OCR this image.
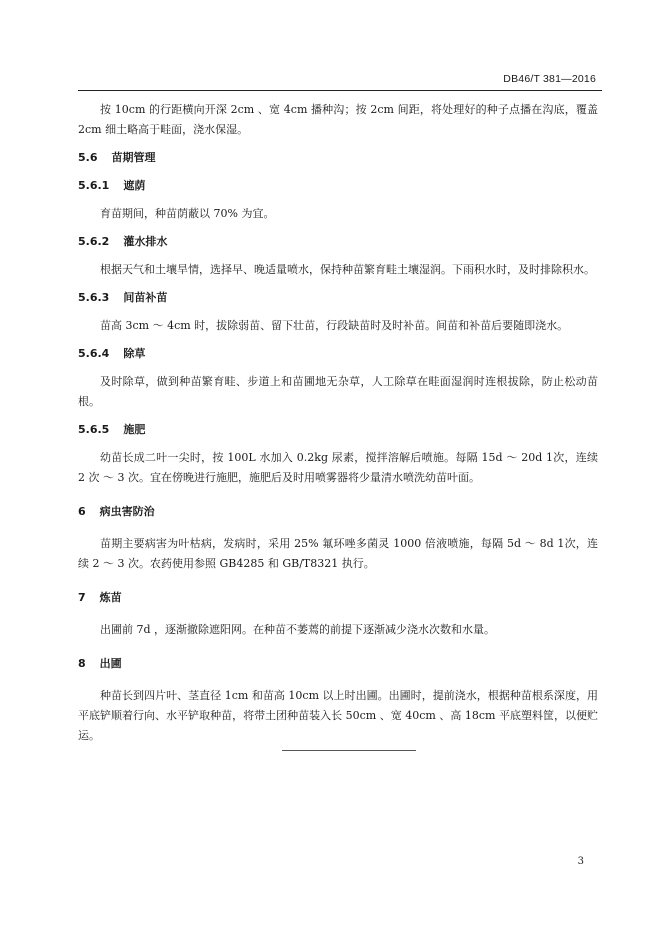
DB46/T 381—2016

按 10cm 的行距横向开深 2cm 、宽 4cm 播种沟；按 2cm 间距，将处理好的种子点播在沟底，覆盖 2cm 细土略高于畦面，浇水保湿。

5.6 苗期管理

5.6.1 遮荫

育苗期间，种苗荫蔽以 70% 为宜。

5.6.2 灌水排水

根据天气和土壤旱情，选择早、晚适量喷水，保持种苗繁育畦土壤湿润。下雨积水时，及时排除积水。

5.6.3 间苗补苗

苗高 3cm ～ 4cm 时，拔除弱苗、留下壮苗，行段缺苗时及时补苗。间苗和补苗后要随即浇水。

5.6.4 除草

及时除草，做到种苗繁育畦、步道上和苗圃地无杂草，人工除草在畦面湿润时连根拔除，防止松动苗根。

5.6.5 施肥

幼苗长成二叶一尖时，按 100L 水加入 0.2kg 尿素，搅拌溶解后喷施。每隔 15d ～ 20d 1次，连续 2 次 ～ 3 次。宜在傍晚进行施肥，施肥后及时用喷雾器将少量清水喷洗幼苗叶面。

6 病虫害防治

苗期主要病害为叶枯病，发病时，采用 25% 氟环唑多菌灵 1000 倍液喷施，每隔 5d ～ 8d 1次，连续 2 ～ 3 次。农药使用参照 GB4285 和 GB/T8321 执行。

7 炼苗

出圃前 7d ，逐渐撤除遮阳网。在种苗不萎蔫的前提下逐渐减少浇水次数和水量。

8 出圃

种苗长到四片叶、茎直径 1cm 和苗高 10cm 以上时出圃。出圃时，提前浇水，根据种苗根系深度，用平底铲顺着行向、水平铲取种苗，将带土团种苗装入长 50cm 、宽 40cm 、高 18cm 平底塑料筐，以便贮运。

3
